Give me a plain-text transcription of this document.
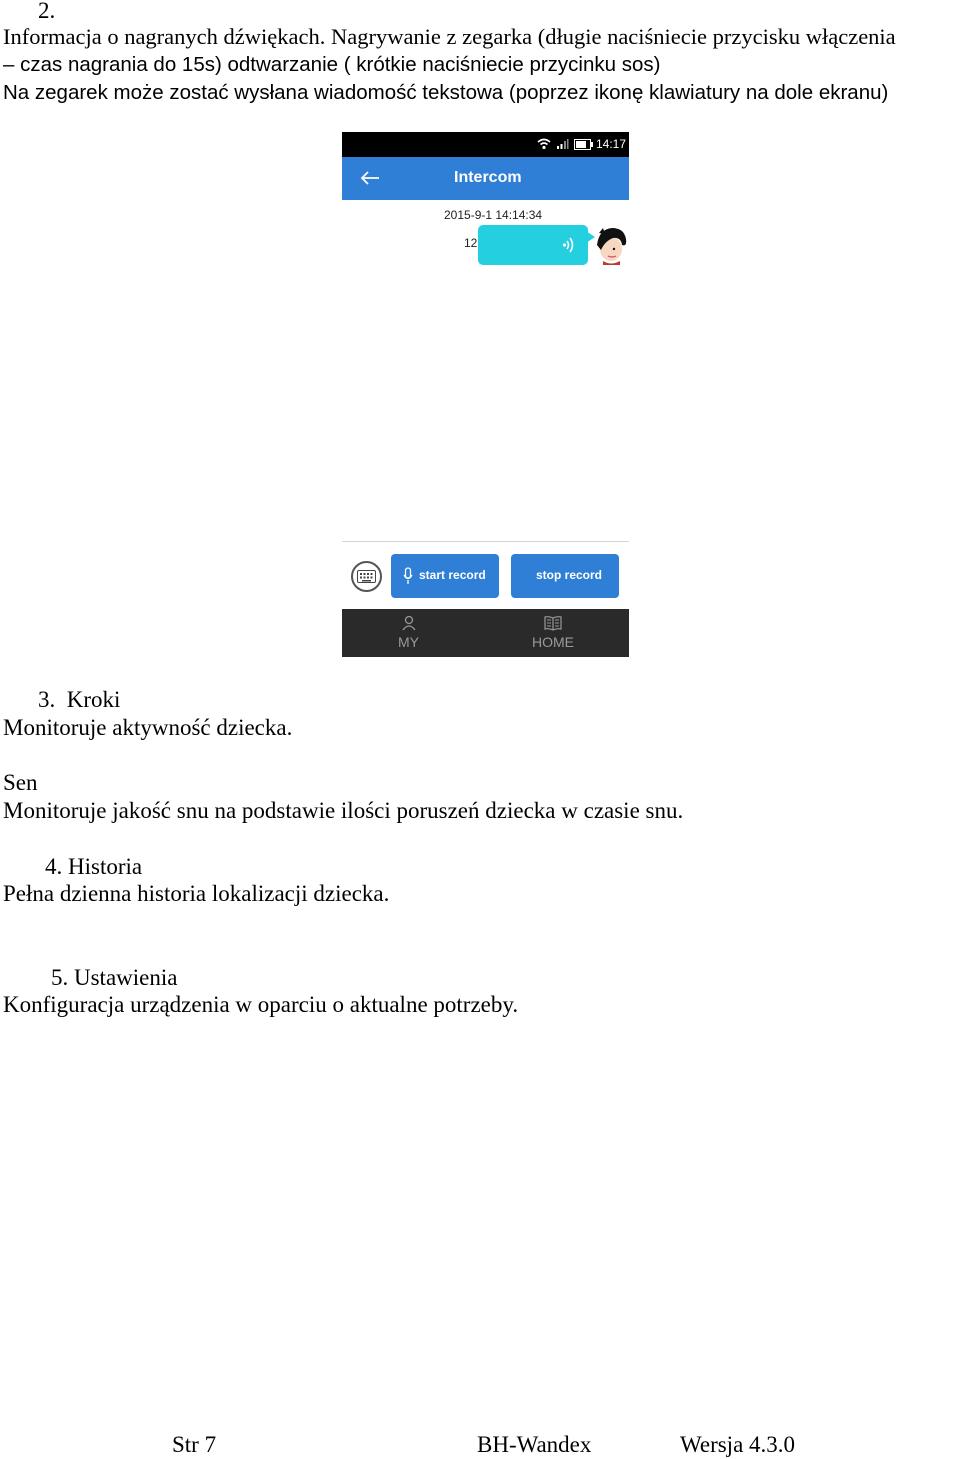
2.
Informacja o nagranych dźwiękach. Nagrywanie z zegarka (długie naciśniecie przycisku włączenia
– czas nagrania do 15s) odtwarzanie ( krótkie naciśniecie przycinku sos)
Na zegarek może zostać wysłana wiadomość tekstowa (poprzez ikonę klawiatury na dole ekranu)
14:17
Intercom
2015-9-1 14:14:34
12
start record	stop record
MY	HOME
3.  Kroki
Monitoruje aktywność dziecka.
Sen
Monitoruje jakość snu na podstawie ilości poruszeń dziecka w czasie snu.
4. Historia
Pełna dzienna historia lokalizacji dziecka.
5. Ustawienia
Konfiguracja urządzenia w oparciu o aktualne potrzeby.
Str 7	BH-Wandex	Wersja 4.3.0
